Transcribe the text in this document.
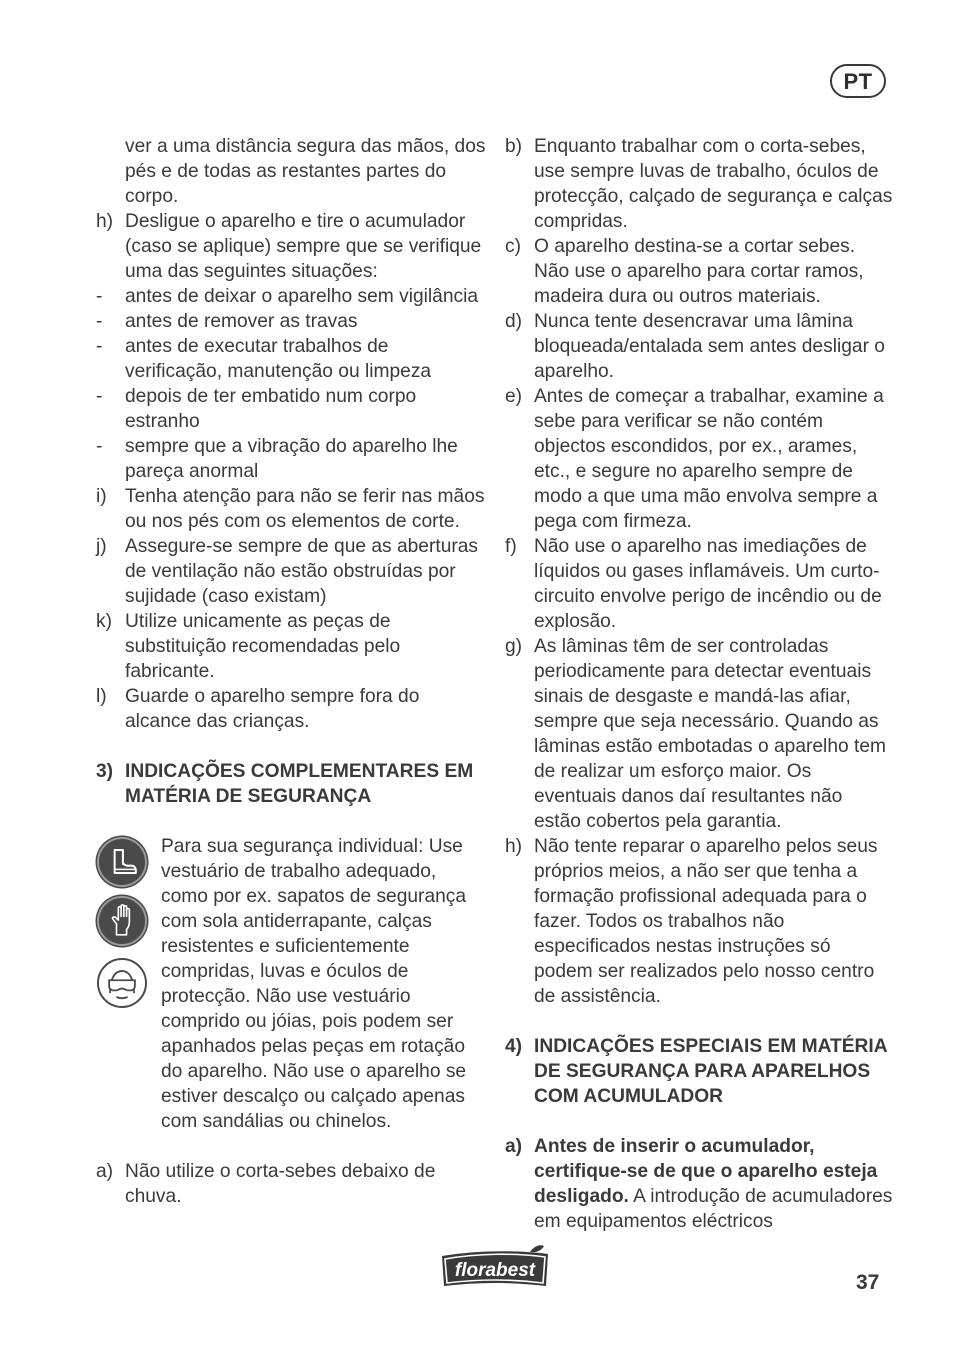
PT
ver a uma distância segura das mãos, dos pés e de todas as restantes partes do corpo.
h) Desligue o aparelho e tire o acumulador (caso se aplique) sempre que se verifique uma das seguintes situações:
-	antes de deixar o aparelho sem vigilância
-	antes de remover as travas
-	antes de executar trabalhos de verificação, manutenção ou limpeza
-	depois de ter embatido num corpo estranho
-	sempre que a vibração do aparelho lhe pareça anormal
i) Tenha atenção para não se ferir nas mãos ou nos pés com os elementos de corte.
j) Assegure-se sempre de que as aberturas de ventilação não estão obstruídas por sujidade (caso existam)
k) Utilize unicamente as peças de substituição recomendadas pelo fabricante.
l) Guarde o aparelho sempre fora do alcance das crianças.
3) INDICAÇÕES COMPLEMENTARES EM MATÉRIA DE SEGURANÇA
Para sua segurança individual: Use vestuário de trabalho adequado, como por ex. sapatos de segurança com sola antiderrapante, calças resistentes e suficientemente compridas, luvas e óculos de protecção. Não use vestuário comprido ou jóias, pois podem ser apanhados pelas peças em rotação do aparelho. Não use o aparelho se estiver descalço ou calçado apenas com sandálias ou chinelos.
a) Não utilize o corta-sebes debaixo de chuva.
b) Enquanto trabalhar com o corta-sebes, use sempre luvas de trabalho, óculos de protecção, calçado de segurança e calças compridas.
c) O aparelho destina-se a cortar sebes. Não use o aparelho para cortar ramos, madeira dura ou outros materiais.
d) Nunca tente desencravar uma lâmina bloqueada/entalada sem antes desligar o aparelho.
e) Antes de começar a trabalhar, examine a sebe para verificar se não contém objectos escondidos, por ex., arames, etc., e segure no aparelho sempre de modo a que uma mão envolva sempre a pega com firmeza.
f) Não use o aparelho nas imediações de líquidos ou gases inflamáveis. Um curto-circuito envolve perigo de incêndio ou de explosão.
g) As lâminas têm de ser controladas periodicamente para detectar eventuais sinais de desgaste e mandá-las afiar, sempre que seja necessário. Quando as lâminas estão embotadas o aparelho tem de realizar um esforço maior. Os eventuais danos daí resultantes não estão cobertos pela garantia.
h) Não tente reparar o aparelho pelos seus próprios meios, a não ser que tenha a formação profissional adequada para o fazer. Todos os trabalhos não especificados nestas instruções só podem ser realizados pelo nosso centro de assistência.
4) INDICAÇÕES ESPECIAIS EM MATÉRIA DE SEGURANÇA PARA APARELHOS COM ACUMULADOR
a) Antes de inserir o acumulador, certifique-se de que o aparelho esteja desligado. A introdução de acumuladores em equipamentos eléctricos
florabest
37
